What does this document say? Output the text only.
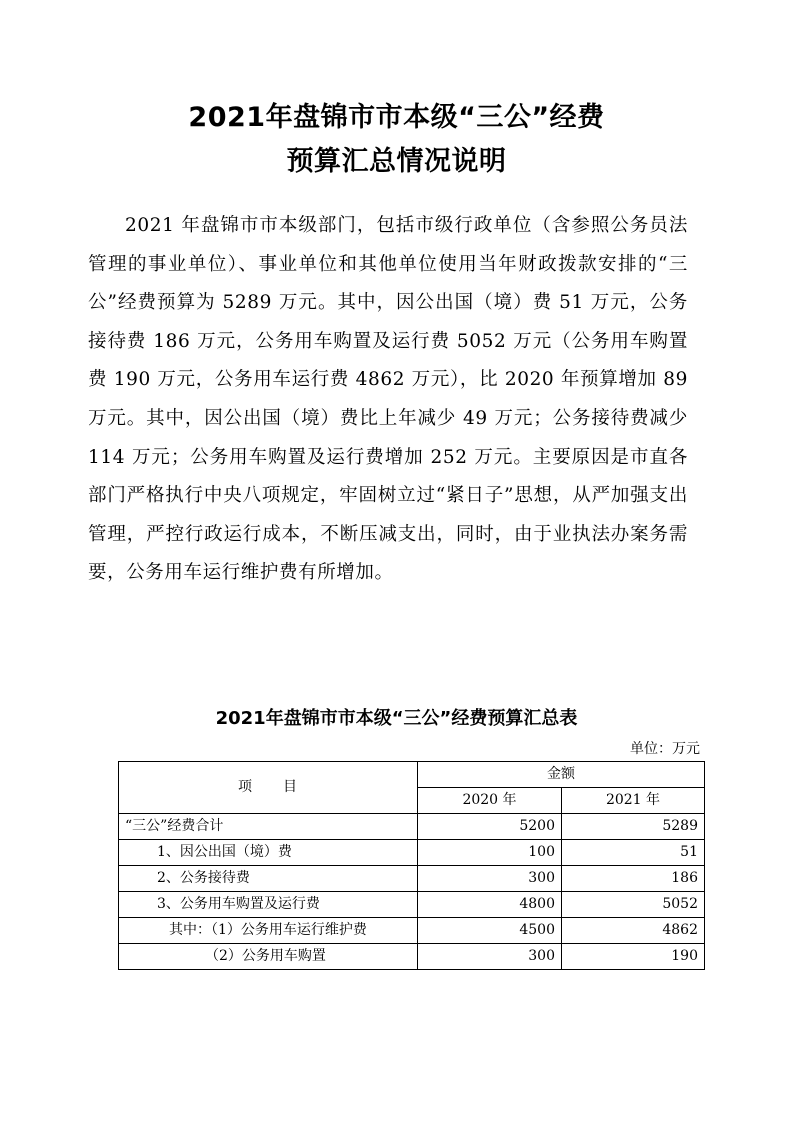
2021年盘锦市市本级“三公”经费
预算汇总情况说明

2021 年盘锦市市本级部门，包括市级行政单位（含参照公务员法管理的事业单位）、事业单位和其他单位使用当年财政拨款安排的“三公”经费预算为 5289 万元。其中，因公出国（境）费 51 万元，公务接待费 186 万元，公务用车购置及运行费 5052 万元（公务用车购置费 190 万元，公务用车运行费 4862 万元），比 2020 年预算增加 89 万元。其中，因公出国（境）费比上年减少 49 万元；公务接待费减少 114 万元；公务用车购置及运行费增加 252 万元。主要原因是市直各部门严格执行中央八项规定，牢固树立过“紧日子”思想，从严加强支出管理，严控行政运行成本，不断压减支出，同时，由于业执法办案务需要，公务用车运行维护费有所增加。

2021年盘锦市市本级“三公”经费预算汇总表
单位：万元
项　　目	金额	
	2020 年	2021 年
“三公”经费合计	5200	5289
1、因公出国（境）费	100	51
2、公务接待费	300	186
3、公务用车购置及运行费	4800	5052
其中：（1）公务用车运行维护费	4500	4862
（2）公务用车购置	300	190
